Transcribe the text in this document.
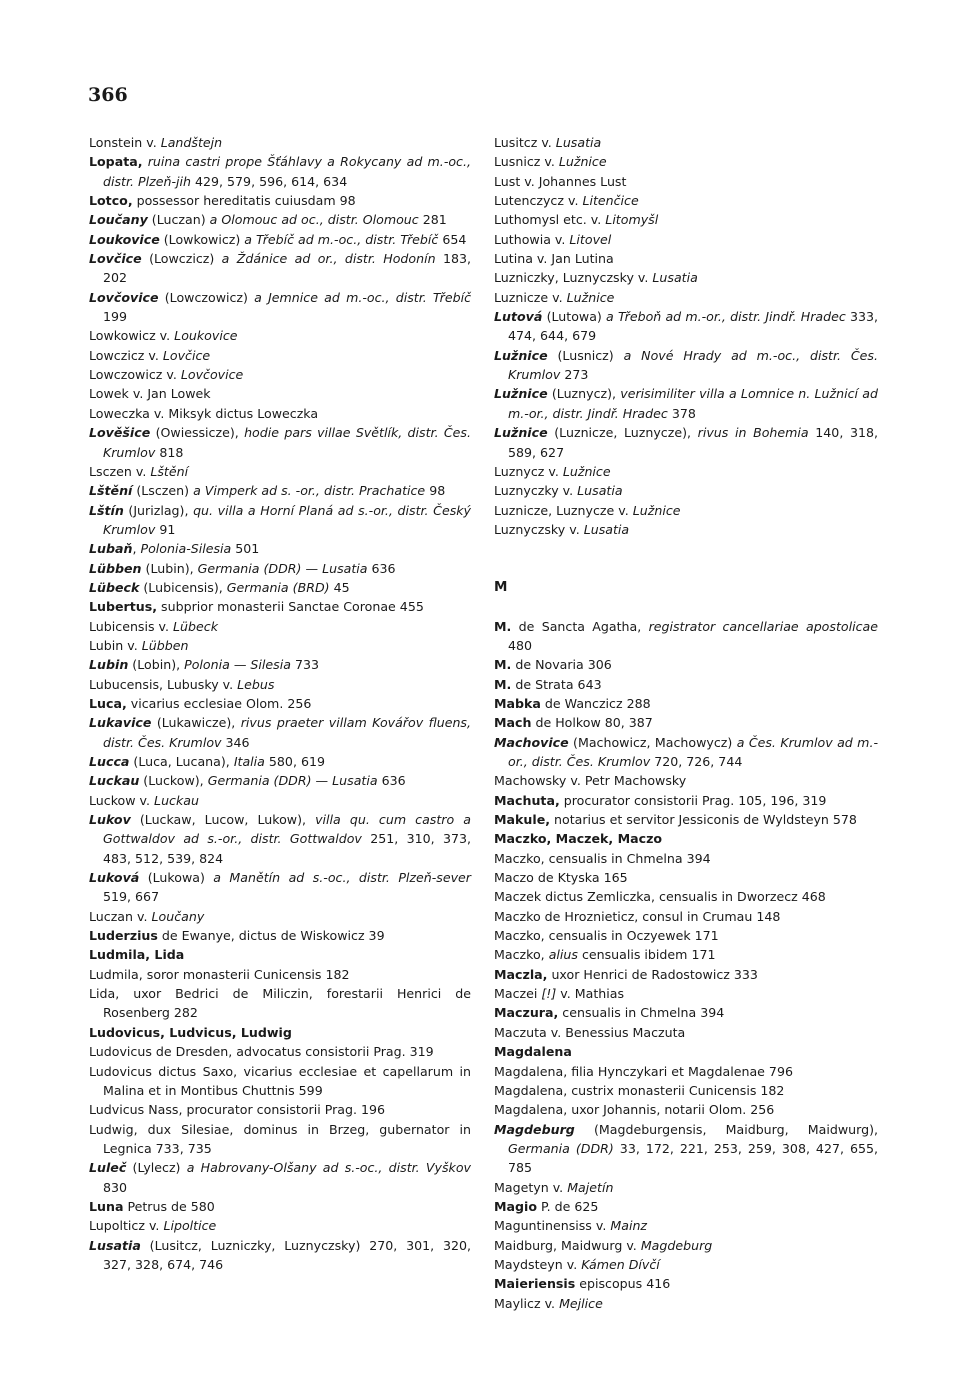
366
Lonstein v. Landštejn
Lopata, ruina castri prope Šťáhlavy a Rokycany ad m.-oc., distr. Plzeň-jih 429, 579, 596, 614, 634
Lotco, possessor hereditatis cuiusdam 98
Loučany (Luczan) a Olomouc ad oc., distr. Olomouc 281
Loukovice (Lowkowicz) a Třebíč ad m.-oc., distr. Třebíč 654
Lovčice (Lowczicz) a Ždánice ad or., distr. Hodonín 183, 202
Lovčovice (Lowczowicz) a Jemnice ad m.-oc., distr. Třebíč 199
Lowkowicz v. Loukovice
Lowczicz v. Lovčice
Lowczowicz v. Lovčovice
Lowek v. Jan Lowek
Loweczka v. Miksyk dictus Loweczka
Lověšice (Owiessicze), hodie pars villae Světlík, distr. Čes. Krumlov 818
Lsczen v. Lštění
Lštění (Lsczen) a Vimperk ad s. -or., distr. Prachatice 98
Lštín (Jurizlag), qu. villa a Horní Planá ad s.-or., distr. Český Krumlov 91
Lubaň, Polonia-Silesia 501
Lübben (Lubin), Germania (DDR) — Lusatia 636
Lübeck (Lubicensis), Germania (BRD) 45
Lubertus, subprior monasterii Sanctae Coronae 455
Lubicensis v. Lübeck
Lubin v. Lübben
Lubin (Lobin), Polonia — Silesia 733
Lubucensis, Lubusky v. Lebus
Luca, vicarius ecclesiae Olom. 256
Lukavice (Lukawicze), rivus praeter villam Kovářov fluens, distr. Čes. Krumlov 346
Lucca (Luca, Lucana), Italia 580, 619
Luckau (Luckow), Germania (DDR) — Lusatia 636
Luckow v. Luckau
Lukov (Luckaw, Lucow, Lukow), villa qu. cum castro a Gottwaldov ad s.-or., distr. Gottwaldov 251, 310, 373, 483, 512, 539, 824
Luková (Lukowa) a Manětín ad s.-oc., distr. Plzeň-sever 519, 667
Luczan v. Loučany
Luderzius de Ewanye, dictus de Wiskowicz 39
Ludmila, Lida
Ludmila, soror monasterii Cunicensis 182
Lida, uxor Bedrici de Miliczin, forestarii Henrici de Rosenberg 282
Ludovicus, Ludvicus, Ludwig
Ludovicus de Dresden, advocatus consistorii Prag. 319
Ludovicus dictus Saxo, vicarius ecclesiae et capellarum in Malina et in Montibus Chuttnis 599
Ludvicus Nass, procurator consistorii Prag. 196
Ludwig, dux Silesiae, dominus in Brzeg, gubernator in Legnica 733, 735
Luleč (Lylecz) a Habrovany-Olšany ad s.-oc., distr. Vyškov 830
Luna Petrus de 580
Lupolticz v. Lipoltice
Lusatia (Lusitcz, Luzniczky, Luznyczsky) 270, 301, 320, 327, 328, 674, 746
Lusitcz v. Lusatia
Lusnicz v. Lužnice
Lust v. Johannes Lust
Lutenczycz v. Litenčice
Luthomysl etc. v. Litomyšl
Luthowia v. Litovel
Lutina v. Jan Lutina
Luzniczky, Luznyczsky v. Lusatia
Luznicze v. Lužnice
Lutová (Lutowa) a Třeboň ad m.-or., distr. Jindř. Hradec 333, 474, 644, 679
Lužnice (Lusnicz) a Nové Hrady ad m.-oc., distr. Čes. Krumlov 273
Lužnice (Luznycz), verisimiliter villa a Lomnice n. Lužnicí ad m.-or., distr. Jindř. Hradec 378
Lužnice (Luznicze, Luznycze), rivus in Bohemia 140, 318, 589, 627
Luznycz v. Lužnice
Luznyczky v. Lusatia
Luznicze, Luznycze v. Lužnice
Luznyczsky v. Lusatia
M
M. de Sancta Agatha, registrator cancellariae apostolicae 480
M. de Novaria 306
M. de Strata 643
Mabka de Wanczicz 288
Mach de Holkow 80, 387
Machovice (Machowicz, Machowycz) a Čes. Krumlov ad m.-or., distr. Čes. Krumlov 720, 726, 744
Machowsky v. Petr Machowsky
Machuta, procurator consistorii Prag. 105, 196, 319
Makule, notarius et servitor Jessiconis de Wyldsteyn 578
Maczko, Maczek, Maczo
Maczko, censualis in Chmelna 394
Maczo de Ktyska 165
Maczek dictus Zemliczka, censualis in Dworzecz 468
Maczko de Hroznieticz, consul in Crumau 148
Maczko, censualis in Oczyewek 171
Maczko, alius censualis ibidem 171
Maczla, uxor Henrici de Radostowicz 333
Maczei [!] v. Mathias
Maczura, censualis in Chmelna 394
Maczuta v. Benessius Maczuta
Magdalena
Magdalena, filia Hynczykari et Magdalenae 796
Magdalena, custrix monasterii Cunicensis 182
Magdalena, uxor Johannis, notarii Olom. 256
Magdeburg (Magdeburgensis, Maidburg, Maidwurg), Germania (DDR) 33, 172, 221, 253, 259, 308, 427, 655, 785
Magetyn v. Majetín
Magio P. de 625
Maguntinensiss v. Mainz
Maidburg, Maidwurg v. Magdeburg
Maydsteyn v. Kámen Dívčí
Maieriensis episcopus 416
Maylicz v. Mejlice
